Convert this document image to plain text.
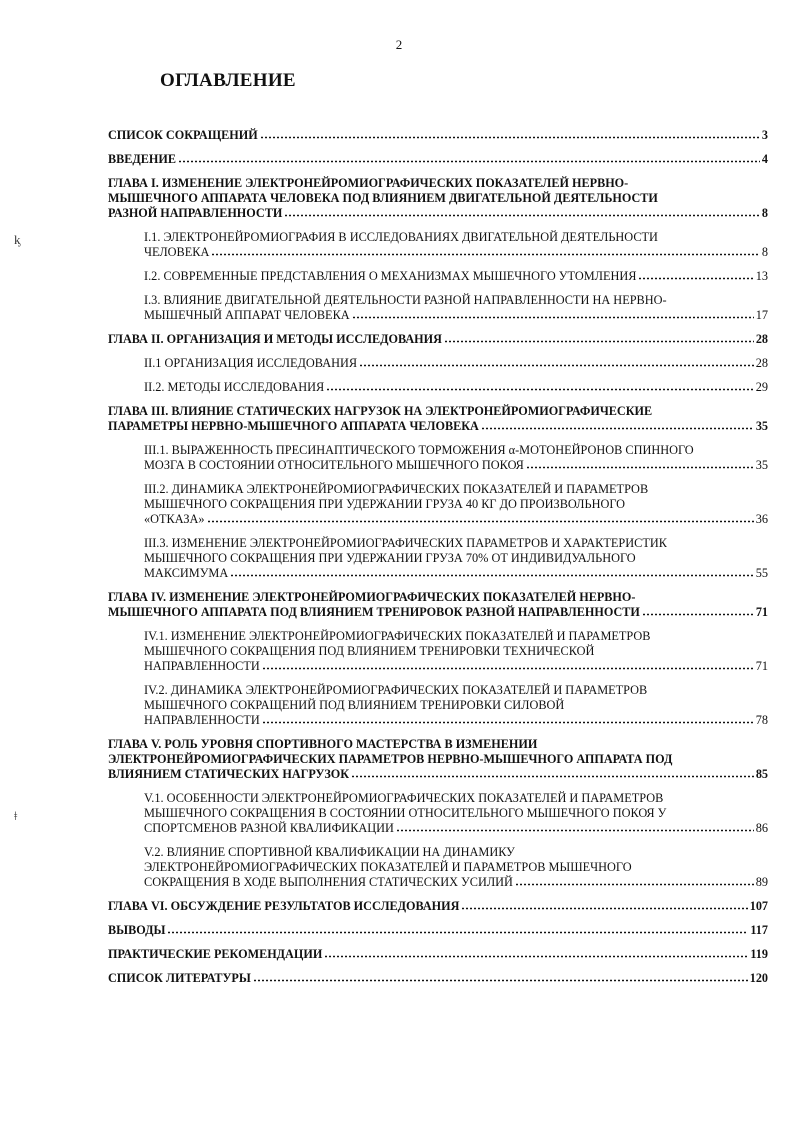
2
ОГЛАВЛЕНИЕ
ᶄ
ǂ
СПИСОК СОКРАЩЕНИЙ	3
ВВЕДЕНИЕ	4
ГЛАВА I. ИЗМЕНЕНИЕ ЭЛЕКТРОНЕЙРОМИОГРАФИЧЕСКИХ ПОКАЗАТЕЛЕЙ НЕРВНО-
МЫШЕЧНОГО АППАРАТА ЧЕЛОВЕКА ПОД ВЛИЯНИЕМ ДВИГАТЕЛЬНОЙ ДЕЯТЕЛЬНОСТИ
РАЗНОЙ НАПРАВЛЕННОСТИ	8
I.1. ЭЛЕКТРОНЕЙРОМИОГРАФИЯ В ИССЛЕДОВАНИЯХ ДВИГАТЕЛЬНОЙ ДЕЯТЕЛЬНОСТИ
ЧЕЛОВЕКА	8
I.2. СОВРЕМЕННЫЕ ПРЕДСТАВЛЕНИЯ О МЕХАНИЗМАХ МЫШЕЧНОГО УТОМЛЕНИЯ	13
I.3. ВЛИЯНИЕ ДВИГАТЕЛЬНОЙ ДЕЯТЕЛЬНОСТИ РАЗНОЙ НАПРАВЛЕННОСТИ НА НЕРВНО-
МЫШЕЧНЫЙ АППАРАТ ЧЕЛОВЕКА	17
ГЛАВА II. ОРГАНИЗАЦИЯ И МЕТОДЫ ИССЛЕДОВАНИЯ	28
II.1 ОРГАНИЗАЦИЯ ИССЛЕДОВАНИЯ	28
II.2. МЕТОДЫ ИССЛЕДОВАНИЯ	29
ГЛАВА III. ВЛИЯНИЕ СТАТИЧЕСКИХ НАГРУЗОК НА ЭЛЕКТРОНЕЙРОМИОГРАФИЧЕСКИЕ
ПАРАМЕТРЫ НЕРВНО-МЫШЕЧНОГО АППАРАТА ЧЕЛОВЕКА	35
III.1. ВЫРАЖЕННОСТЬ ПРЕСИНАПТИЧЕСКОГО ТОРМОЖЕНИЯ α-МОТОНЕЙРОНОВ СПИННОГО
МОЗГА В СОСТОЯНИИ ОТНОСИТЕЛЬНОГО МЫШЕЧНОГО ПОКОЯ	35
III.2. ДИНАМИКА ЭЛЕКТРОНЕЙРОМИОГРАФИЧЕСКИХ ПОКАЗАТЕЛЕЙ И ПАРАМЕТРОВ
МЫШЕЧНОГО СОКРАЩЕНИЯ ПРИ УДЕРЖАНИИ ГРУЗА 40 КГ ДО ПРОИЗВОЛЬНОГО
«ОТКАЗА»	36
III.3. ИЗМЕНЕНИЕ ЭЛЕКТРОНЕЙРОМИОГРАФИЧЕСКИХ ПАРАМЕТРОВ И ХАРАКТЕРИСТИК
МЫШЕЧНОГО СОКРАЩЕНИЯ ПРИ УДЕРЖАНИИ ГРУЗА 70% ОТ ИНДИВИДУАЛЬНОГО
МАКСИМУМА	55
ГЛАВА IV. ИЗМЕНЕНИЕ ЭЛЕКТРОНЕЙРОМИОГРАФИЧЕСКИХ ПОКАЗАТЕЛЕЙ НЕРВНО-
МЫШЕЧНОГО АППАРАТА ПОД ВЛИЯНИЕМ ТРЕНИРОВОК РАЗНОЙ НАПРАВЛЕННОСТИ	71
IV.1. ИЗМЕНЕНИЕ ЭЛЕКТРОНЕЙРОМИОГРАФИЧЕСКИХ ПОКАЗАТЕЛЕЙ И ПАРАМЕТРОВ
МЫШЕЧНОГО СОКРАЩЕНИЯ ПОД ВЛИЯНИЕМ ТРЕНИРОВКИ ТЕХНИЧЕСКОЙ
НАПРАВЛЕННОСТИ	71
IV.2. ДИНАМИКА ЭЛЕКТРОНЕЙРОМИОГРАФИЧЕСКИХ ПОКАЗАТЕЛЕЙ И ПАРАМЕТРОВ
МЫШЕЧНОГО СОКРАЩЕНИЙ ПОД ВЛИЯНИЕМ ТРЕНИРОВКИ СИЛОВОЙ
НАПРАВЛЕННОСТИ	78
ГЛАВА V. РОЛЬ УРОВНЯ СПОРТИВНОГО МАСТЕРСТВА В ИЗМЕНЕНИИ
ЭЛЕКТРОНЕЙРОМИОГРАФИЧЕСКИХ ПАРАМЕТРОВ НЕРВНО-МЫШЕЧНОГО АППАРАТА ПОД
ВЛИЯНИЕМ СТАТИЧЕСКИХ НАГРУЗОК	85
V.1. ОСОБЕННОСТИ ЭЛЕКТРОНЕЙРОМИОГРАФИЧЕСКИХ ПОКАЗАТЕЛЕЙ И ПАРАМЕТРОВ
МЫШЕЧНОГО СОКРАЩЕНИЯ В СОСТОЯНИИ ОТНОСИТЕЛЬНОГО МЫШЕЧНОГО ПОКОЯ У
СПОРТСМЕНОВ РАЗНОЙ КВАЛИФИКАЦИИ	86
V.2. ВЛИЯНИЕ СПОРТИВНОЙ КВАЛИФИКАЦИИ НА ДИНАМИКУ
ЭЛЕКТРОНЕЙРОМИОГРАФИЧЕСКИХ ПОКАЗАТЕЛЕЙ И ПАРАМЕТРОВ МЫШЕЧНОГО
СОКРАЩЕНИЯ В ХОДЕ ВЫПОЛНЕНИЯ СТАТИЧЕСКИХ УСИЛИЙ	89
ГЛАВА VI. ОБСУЖДЕНИЕ РЕЗУЛЬТАТОВ ИССЛЕДОВАНИЯ	107
ВЫВОДЫ	117
ПРАКТИЧЕСКИЕ РЕКОМЕНДАЦИИ	119
СПИСОК ЛИТЕРАТУРЫ	120
